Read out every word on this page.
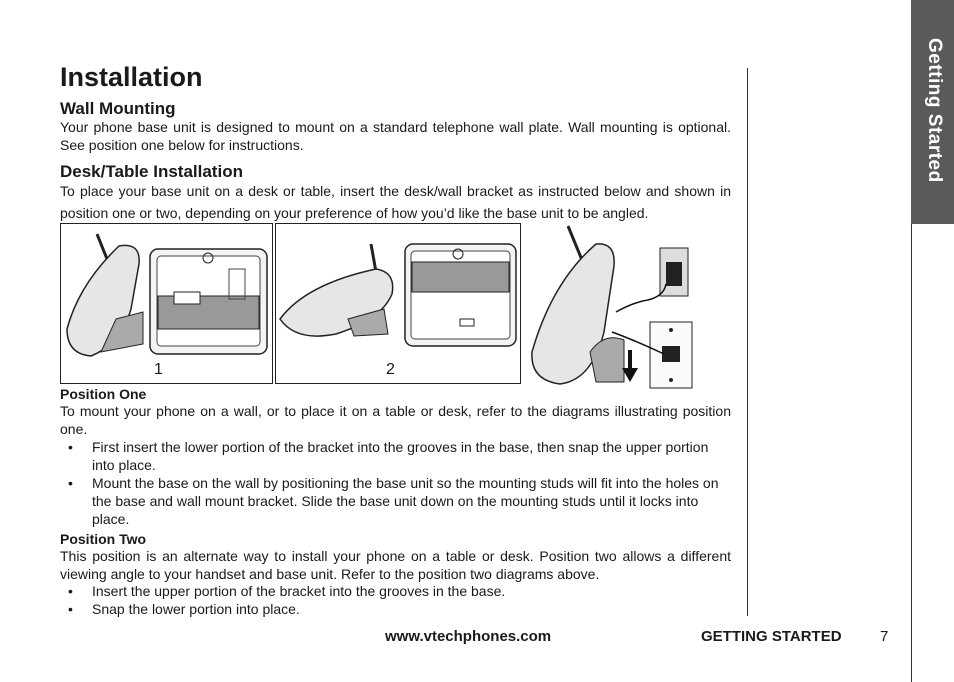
Getting Started
Installation
Wall Mounting

Your phone base unit is designed to mount on a standard telephone wall plate. Wall mounting is optional. See position one below for instructions.

Desk/Table Installation

To place your base unit on a desk or table, insert the desk/wall bracket as instructed below and shown in position one or two, depending on your preference of how you’d like the base unit to be angled.

1	2
Position One

To mount your phone on a wall, or to place it on a table or desk, refer to the diagrams illustrating position one.

• First insert the lower portion of the bracket into the grooves in the base, then snap the upper portion into place.
• Mount the base on the wall by positioning the base unit so the mounting studs will fit into the holes on the base and wall mount bracket. Slide the base unit down on the mounting studs until it locks into place.
Position Two

This position is an alternate way to install your phone on a table or desk. Position two allows a different viewing angle to your handset and base unit. Refer to the position two diagrams above.

• Insert the upper portion of the bracket into the grooves in the base.
• Snap the lower portion into place.
www.vtechphones.com	GETTING STARTED	7
